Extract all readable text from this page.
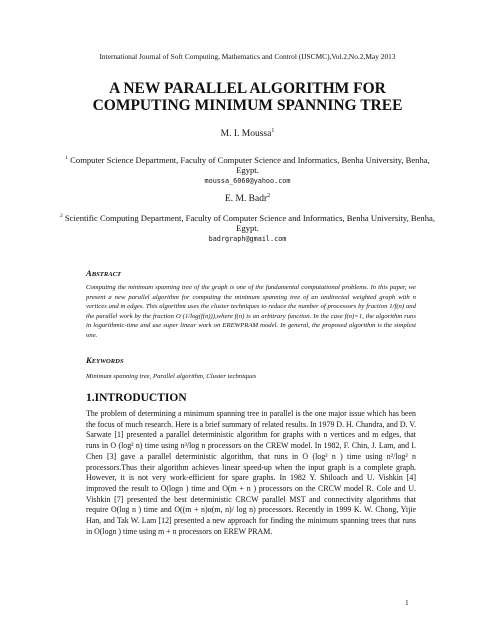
International Journal of Soft Computing, Mathematics and Control (IJSCMC),Vol.2,No.2,May 2013
A NEW PARALLEL ALGORITHM FOR
COMPUTING MINIMUM SPANNING TREE
M. I. Moussa$^1$
$^1$ Computer Science Department, Faculty of Computer Science and Informatics, Benha University, Benha, Egypt.
moussa_6060@yahoo.com
E. M. Badr$^2$
$^2$ Scientific Computing Department, Faculty of Computer Science and Informatics, Benha University, Benha, Egypt.
badrgraph@gmail.com
ABSTRACT
Computing the minimum spanning tree of the graph is one of the fundamental computational problems. In this paper, we present a new parallel algorithm for computing the minimum spanning tree of an undirected weighted graph with n vertices and m edges. This algorithm uses the cluster techniques to reduce the number of processors by fraction 1/f(n) and the parallel work by the fraction O (1/log(f(n))),where f(n) is an arbitrary function. In the case f(n)=1, the algorithm runs in logarithmic-time and use super linear work on EREWPRAM model. In general, the proposed algorithm is the simplest one.
KEYWORDS
Minimum spanning tree, Parallel algorithm, Cluster techniques
1.INTRODUCTION
The problem of determining a minimum spanning tree in parallel is the one major issue which has been the focus of much research. Here is a brief summary of related results. In 1979 D. H. Chandra, and D. V. Sarwate [1] presented a parallel deterministic algorithm for graphs with n vertices and m edges, that runs in O (log² n) time using n³/log n processors on the CREW model. In 1982, F. Chin, J. Lam, and I. Chen [3] gave a parallel deterministic algorithm, that runs in O (log² n ) time using n²/log² n processors.Thus their algorithm achieves linear speed-up when the input graph is a complete graph. However, it is not very work-efficient for spare graphs. In 1982 Y. Shiloach and U. Vishkin [4] improved the result to O(logn ) time and O(m + n ) processors on the CRCW model R. Cole and U. Vishkin [7] presented the best deterministic CRCW parallel MST and connectivity algorithms that require O(log n ) time and O((m + n)α(m, n)/ log n) processors. Recently in 1999 K. W. Chong, Yijie Han, and Tak W. Lam [12] presented a new approach for finding the minimum spanning trees that runs in O(logn ) time using m + n processors on EREW PRAM.
1
